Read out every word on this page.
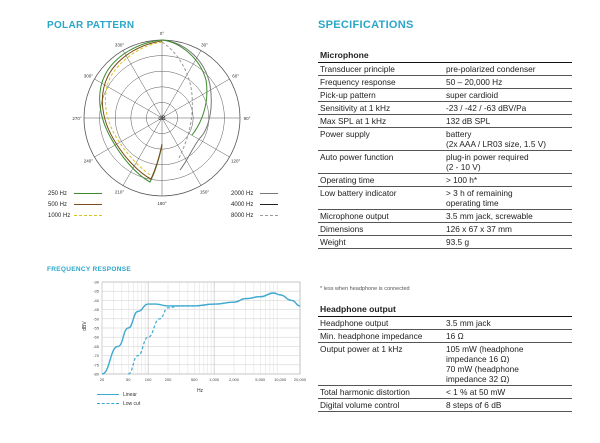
POLAR PATTERN	SPECIFICATIONS
FREQUENCY RESPONSE
0°
30°
60°
90°
120°
150°
180°
210°
240°
270°
300°
330°
dB
250 Hz
500 Hz
1000 Hz
2000 Hz
4000 Hz
8000 Hz
-30
-35
-40
-45
-50
-55
-60
-65
-70
-75
-80
20	50	100	200	500	1,000 2,000	5,000 10,000 20,000
dBV
Hz
Linear
Low cut
Microphone	
Transducer principle	pre-polarized condenser
Frequency response	50 – 20,000 Hz
Pick-up pattern	super cardioid
Sensitivity at 1 kHz	-23 / -42 / -63 dBV/Pa
Max SPL at 1 kHz	132 dB SPL
Power supply	battery
(2x AAA / LR03 size, 1.5 V)

Auto power function	plug-in power required
(2 - 10 V)

Operating time	> 100 h*
Low battery indicator	> 3 h of remaining
operating time

Microphone output	3.5 mm jack, screwable
Dimensions	126 x 67 x 37 mm
Weight	93.5 g
* less when headphone is connected
Headphone output	
Headphone output	3.5 mm jack
Min. headphone impedance	16 Ω
Output power at 1 kHz	105 mW (headphone
impedance 16 Ω)
70 mW (headphone
impedance 32 Ω)

Total harmonic distortion	< 1 % at 50 mW
Digital volume control	8 steps of 6 dB
